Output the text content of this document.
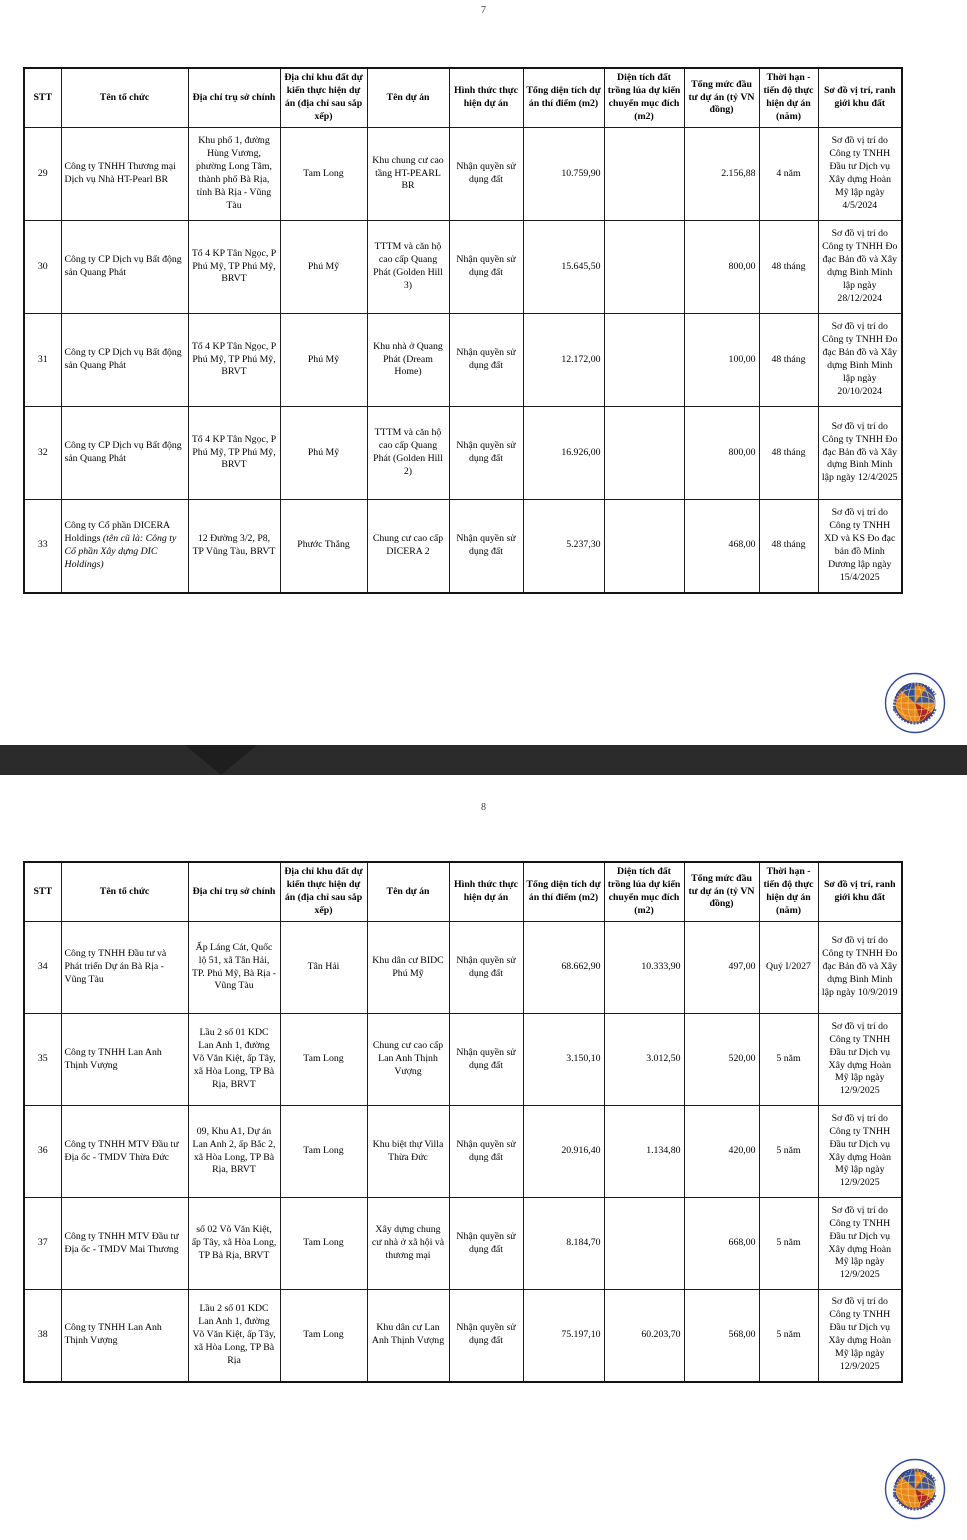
7
STT	Tên tổ chức	Địa chỉ trụ sở chính	Địa chỉ khu đất dự kiến thực hiện dự án (địa chỉ sau sắp xếp)	Tên dự án	Hình thức thực hiện dự án	Tổng diện tích dự án thí điểm (m2)	Diện tích đất trồng lúa dự kiến chuyển mục đích (m2)	Tổng mức đầu tư dự án (tỷ VN đồng)	Thời hạn - tiến độ thực hiện dự án (năm)	Sơ đồ vị trí, ranh giới khu đất
29	Công ty TNHH Thương mại Dịch vụ Nhà HT-Pearl BR	Khu phố 1, đường Hùng Vương, phường Long Tâm, thành phố Bà Rịa, tỉnh Bà Rịa - Vũng Tàu	Tam Long	Khu chung cư cao tầng HT-PEARL BR	Nhận quyền sử dụng đất	10.759,90		2.156,88	4 năm	Sơ đồ vị trí do Công ty TNHH Đầu tư Dịch vụ Xây dựng Hoàn Mỹ lập ngày 4/5/2024
30	Công ty CP Dịch vụ Bất động sản Quang Phát	Tổ 4 KP Tân Ngọc, P Phú Mỹ, TP Phú Mỹ, BRVT	Phú Mỹ	TTTM và căn hộ cao cấp Quang Phát (Golden Hill 3)	Nhận quyền sử dụng đất	15.645,50		800,00	48 tháng	Sơ đồ vị trí do Công ty TNHH Đo đạc Bản đồ và Xây dựng Bình Minh lập ngày 28/12/2024
31	Công ty CP Dịch vụ Bất động sản Quang Phát	Tổ 4 KP Tân Ngọc, P Phú Mỹ, TP Phú Mỹ, BRVT	Phú Mỹ	Khu nhà ở Quang Phát (Dream Home)	Nhận quyền sử dụng đất	12.172,00		100,00	48 tháng	Sơ đồ vị trí do Công ty TNHH Đo đạc Bản đồ và Xây dựng Bình Minh lập ngày 20/10/2024
32	Công ty CP Dịch vụ Bất động sản Quang Phát	Tổ 4 KP Tân Ngọc, P Phú Mỹ, TP Phú Mỹ, BRVT	Phú Mỹ	TTTM và căn hộ cao cấp Quang Phát (Golden Hill 2)	Nhận quyền sử dụng đất	16.926,00		800,00	48 tháng	Sơ đồ vị trí do Công ty TNHH Đo đạc Bản đồ và Xây dựng Bình Minh lập ngày 12/4/2025
33	Công ty Cổ phần DICERA Holdings (tên cũ là: Công ty Cổ phần Xây dựng DIC Holdings)	12 Đường 3/2, P8, TP Vũng Tàu, BRVT	Phước Thắng	Chung cư cao cấp DICERA 2	Nhận quyền sử dụng đất	5.237,30		468,00	48 tháng	Sơ đồ vị trí do Công ty TNHH XD và KS Đo đạc bản đồ Minh Dương lập ngày 15/4/2025
8
STT	Tên tổ chức	Địa chỉ trụ sở chính	Địa chỉ khu đất dự kiến thực hiện dự án (địa chỉ sau sắp xếp)	Tên dự án	Hình thức thực hiện dự án	Tổng diện tích dự án thí điểm (m2)	Diện tích đất trồng lúa dự kiến chuyển mục đích (m2)	Tổng mức đầu tư dự án (tỷ VN đồng)	Thời hạn - tiến độ thực hiện dự án (năm)	Sơ đồ vị trí, ranh giới khu đất
34	Công ty TNHH Đầu tư và Phát triển Dự án Bà Rịa - Vũng Tàu	Ấp Láng Cát, Quốc lộ 51, xã Tân Hải, TP. Phú Mỹ, Bà Rịa - Vũng Tàu	Tân Hải	Khu dân cư BIDC Phú Mỹ	Nhận quyền sử dụng đất	68.662,90	10.333,90	497,00	Quý I/2027	Sơ đồ vị trí do Công ty TNHH Đo đạc Bản đồ và Xây dựng Bình Minh lập ngày 10/9/2019
35	Công ty TNHH Lan Anh Thịnh Vượng	Lầu 2 số 01 KDC Lan Anh 1, đường Võ Văn Kiệt, ấp Tây, xã Hòa Long, TP Bà Rịa, BRVT	Tam Long	Chung cư cao cấp Lan Anh Thịnh Vượng	Nhận quyền sử dụng đất	3.150,10	3.012,50	520,00	5 năm	Sơ đồ vị trí do Công ty TNHH Đầu tư Dịch vụ Xây dựng Hoàn Mỹ lập ngày 12/9/2025
36	Công ty TNHH MTV Đầu tư Địa ốc - TMDV Thừa Đức	09, Khu A1, Dự án Lan Anh 2, ấp Bắc 2, xã Hòa Long, TP Bà Rịa, BRVT	Tam Long	Khu biệt thự Villa Thừa Đức	Nhận quyền sử dụng đất	20.916,40	1.134,80	420,00	5 năm	Sơ đồ vị trí do Công ty TNHH Đầu tư Dịch vụ Xây dựng Hoàn Mỹ lập ngày 12/9/2025
37	Công ty TNHH MTV Đầu tư Địa ốc - TMDV Mai Thương	số 02 Võ Văn Kiệt, ấp Tây, xã Hòa Long, TP Bà Rịa, BRVT	Tam Long	Xây dựng chung cư nhà ở xã hội và thương mại	Nhận quyền sử dụng đất	8.184,70		668,00	5 năm	Sơ đồ vị trí do Công ty TNHH Đầu tư Dịch vụ Xây dựng Hoàn Mỹ lập ngày 12/9/2025
38	Công ty TNHH Lan Anh Thịnh Vượng	Lầu 2 số 01 KDC Lan Anh 1, đường Võ Văn Kiệt, ấp Tây, xã Hòa Long, TP Bà Rịa	Tam Long	Khu dân cư Lan Anh Thịnh Vượng	Nhận quyền sử dụng đất	75.197,10	60.203,70	568,00	5 năm	Sơ đồ vị trí do Công ty TNHH Đầu tư Dịch vụ Xây dựng Hoàn Mỹ lập ngày 12/9/2025
